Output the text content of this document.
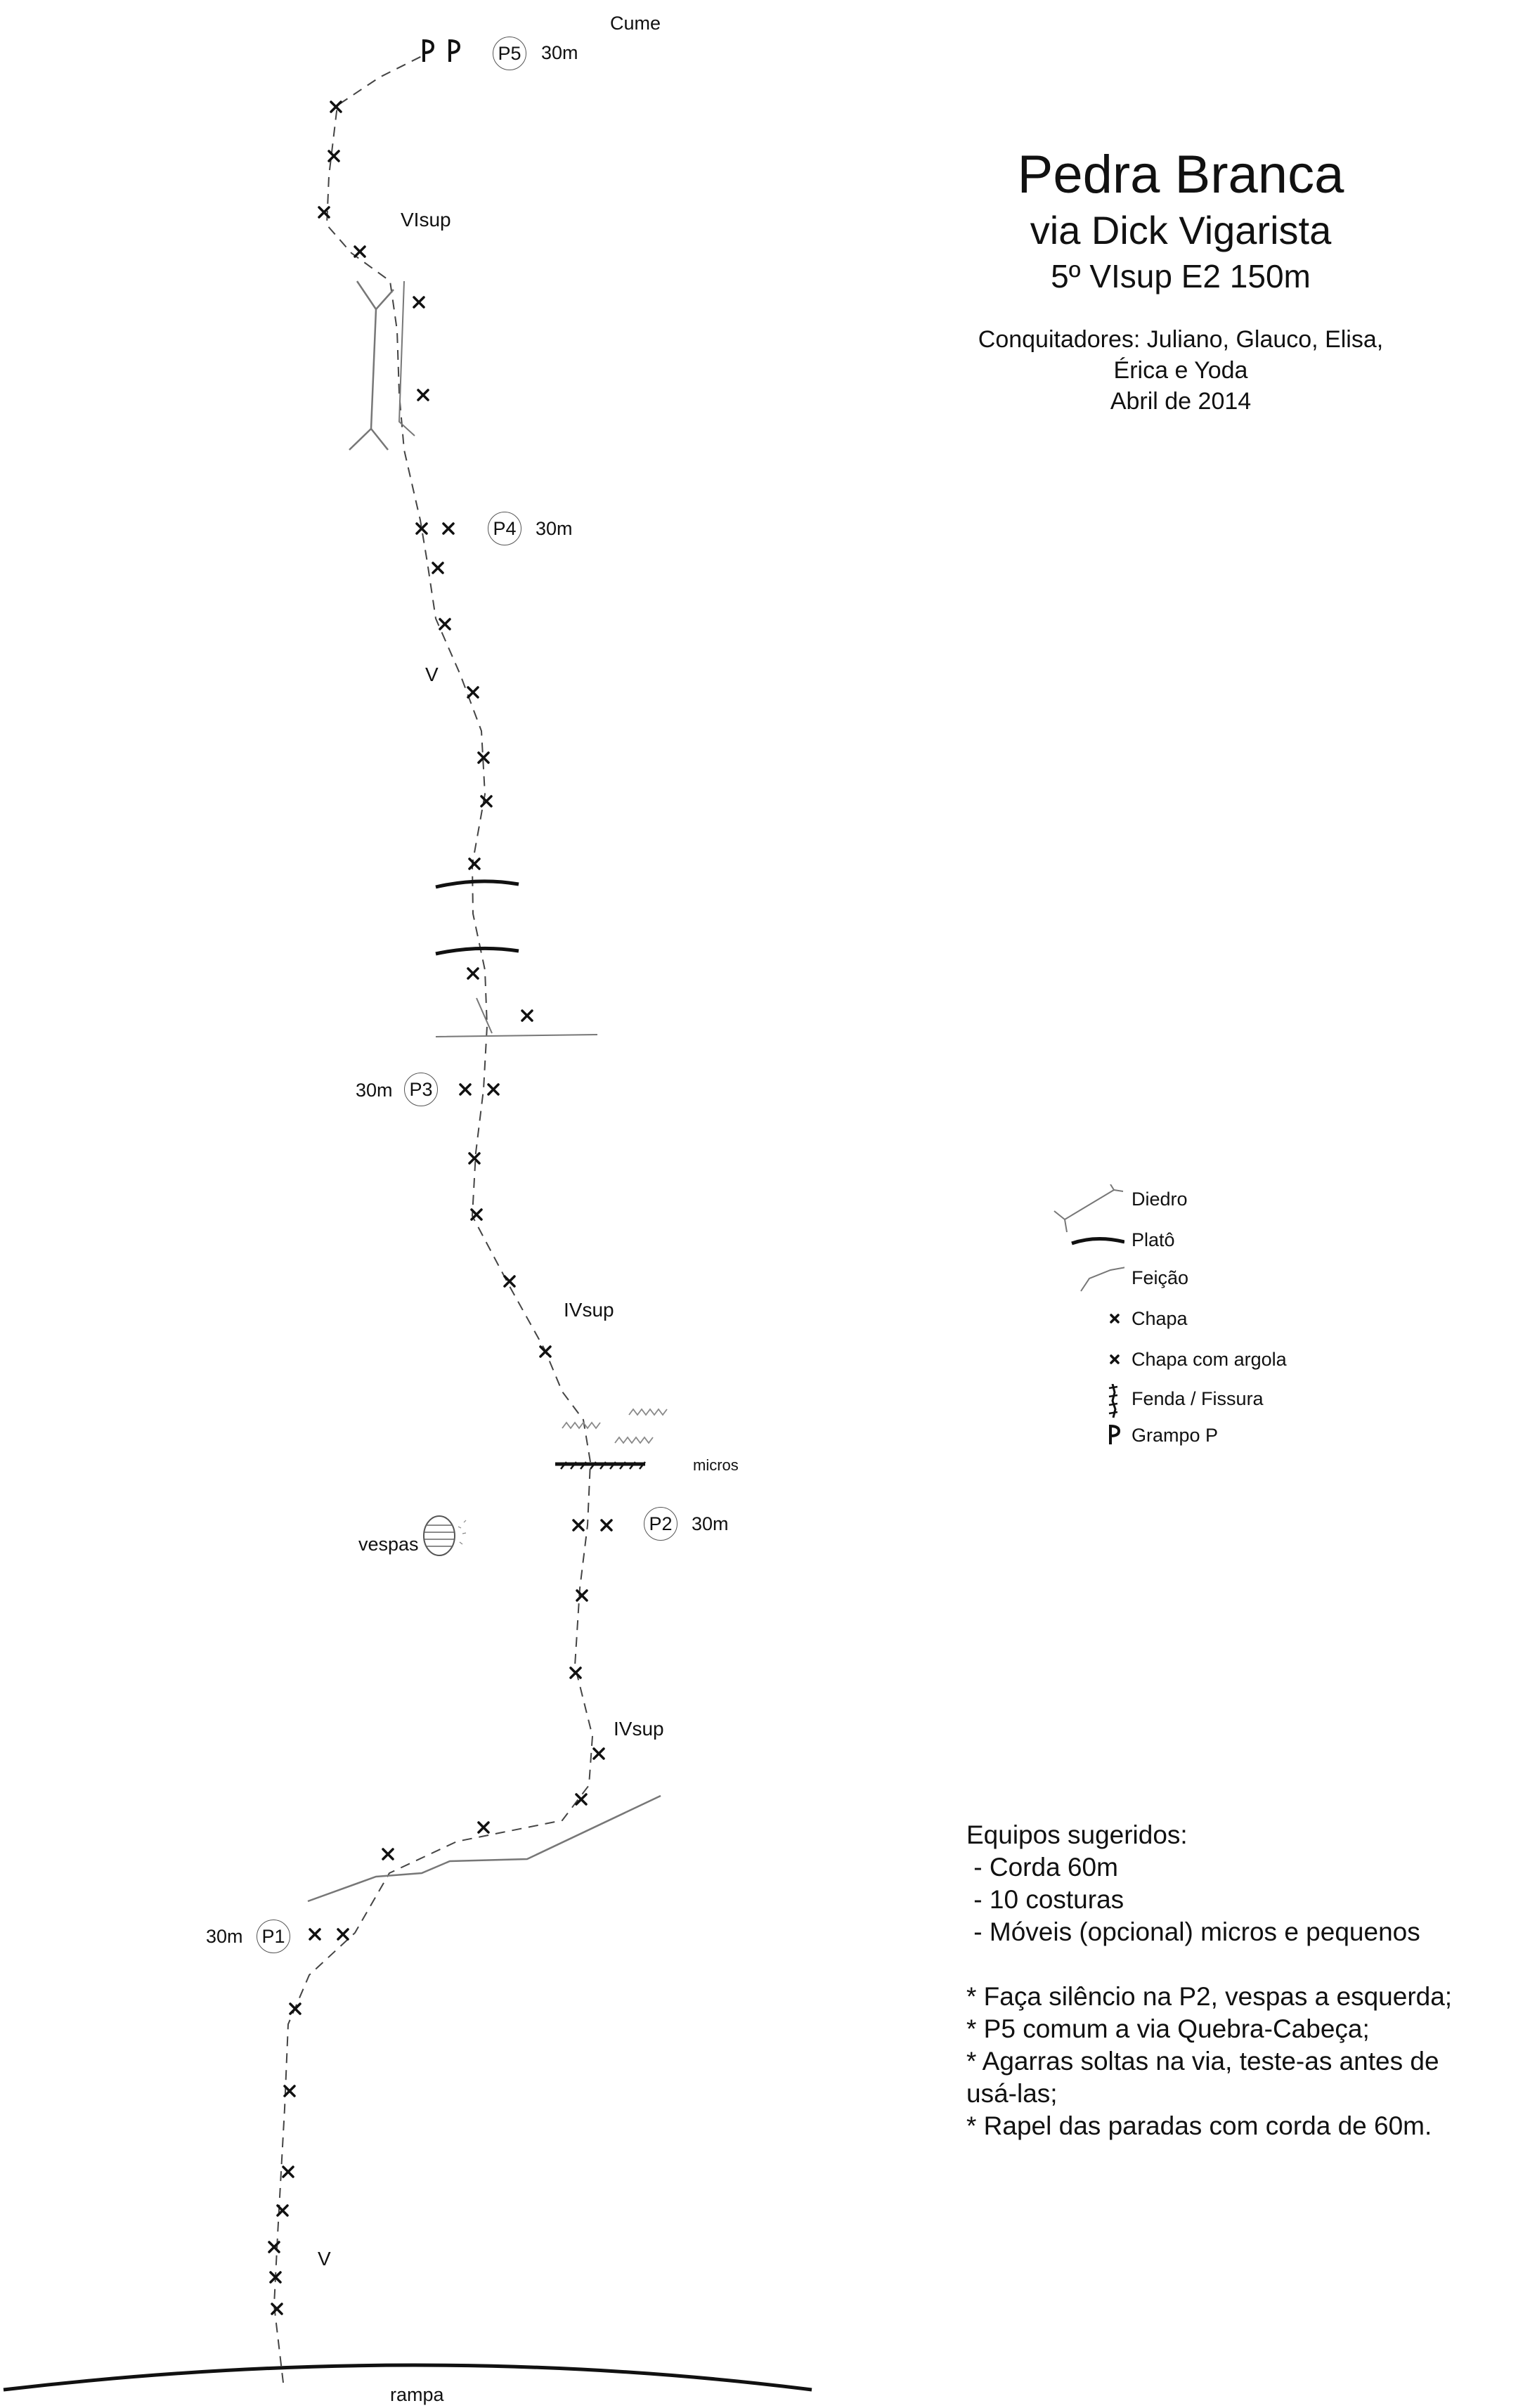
Cume
rampa
P5 30m
P4 30m
P3
30m
P2 30m
P1
30m
VIsup
V
IVsup
IVsup
V
micros
vespas
Pedra Branca
via Dick Vigarista
5º VIsup E2 150m
Conquitadores: Juliano, Glauco, Elisa,
Érica e Yoda
Abril de 2014
Diedro
Platô
Feição
Chapa
Chapa com argola
Fenda / Fissura
Grampo P
Equipos sugeridos:
- Corda 60m
- 10 costuras
- Móveis (opcional) micros e pequenos
* Faça silêncio na P2, vespas a esquerda;
* P5 comum a via Quebra-Cabeça;
* Agarras soltas na via, teste-as antes de
usá-las;
* Rapel das paradas com corda de 60m.
